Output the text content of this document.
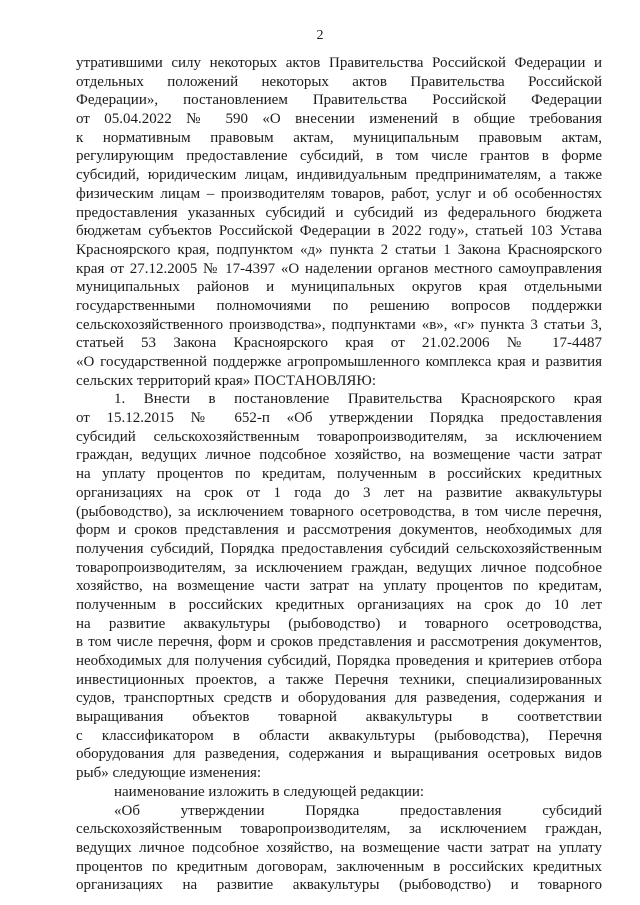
2
утратившими силу некоторых актов Правительства Российской Федерации и
отдельных положений некоторых актов Правительства Российской
Федерации», постановлением Правительства Российской Федерации
от 05.04.2022 № 590 «О внесении изменений в общие требования
к нормативным правовым актам, муниципальным правовым актам,
регулирующим предоставление субсидий, в том числе грантов в форме
субсидий, юридическим лицам, индивидуальным предпринимателям, а также
физическим лицам – производителям товаров, работ, услуг и об особенностях
предоставления указанных субсидий и субсидий из федерального бюджета
бюджетам субъектов Российской Федерации в 2022 году», статьей 103 Устава
Красноярского края, подпунктом «д» пункта 2 статьи 1 Закона Красноярского
края от 27.12.2005 № 17-4397 «О наделении органов местного самоуправления
муниципальных районов и муниципальных округов края отдельными
государственными полномочиями по решению вопросов поддержки
сельскохозяйственного производства», подпунктами «в», «г» пункта 3 статьи 3,
статьей 53 Закона Красноярского края от 21.02.2006 № 17-4487
«О государственной поддержке агропромышленного комплекса края и развития
сельских территорий края» ПОСТАНОВЛЯЮ:
1. Внести в постановление Правительства Красноярского края
от 15.12.2015 № 652-п «Об утверждении Порядка предоставления
субсидий сельскохозяйственным товаропроизводителям, за исключением
граждан, ведущих личное подсобное хозяйство, на возмещение части затрат
на уплату процентов по кредитам, полученным в российских кредитных
организациях на срок от 1 года до 3 лет на развитие аквакультуры
(рыбоводство), за исключением товарного осетроводства, в том числе перечня,
форм и сроков представления и рассмотрения документов, необходимых для
получения субсидий, Порядка предоставления субсидий сельскохозяйственным
товаропроизводителям, за исключением граждан, ведущих личное подсобное
хозяйство, на возмещение части затрат на уплату процентов по кредитам,
полученным в российских кредитных организациях на срок до 10 лет
на развитие аквакультуры (рыбоводство) и товарного осетроводства,
в том числе перечня, форм и сроков представления и рассмотрения документов,
необходимых для получения субсидий, Порядка проведения и критериев отбора
инвестиционных проектов, а также Перечня техники, специализированных
судов, транспортных средств и оборудования для разведения, содержания и
выращивания объектов товарной аквакультуры в соответствии
с классификатором в области аквакультуры (рыбоводства), Перечня
оборудования для разведения, содержания и выращивания осетровых видов
рыб» следующие изменения:
наименование изложить в следующей редакции:
«Об утверждении Порядка предоставления субсидий
сельскохозяйственным товаропроизводителям, за исключением граждан,
ведущих личное подсобное хозяйство, на возмещение части затрат на уплату
процентов по кредитным договорам, заключенным в российских кредитных
организациях на развитие аквакультуры (рыбоводство) и товарного
